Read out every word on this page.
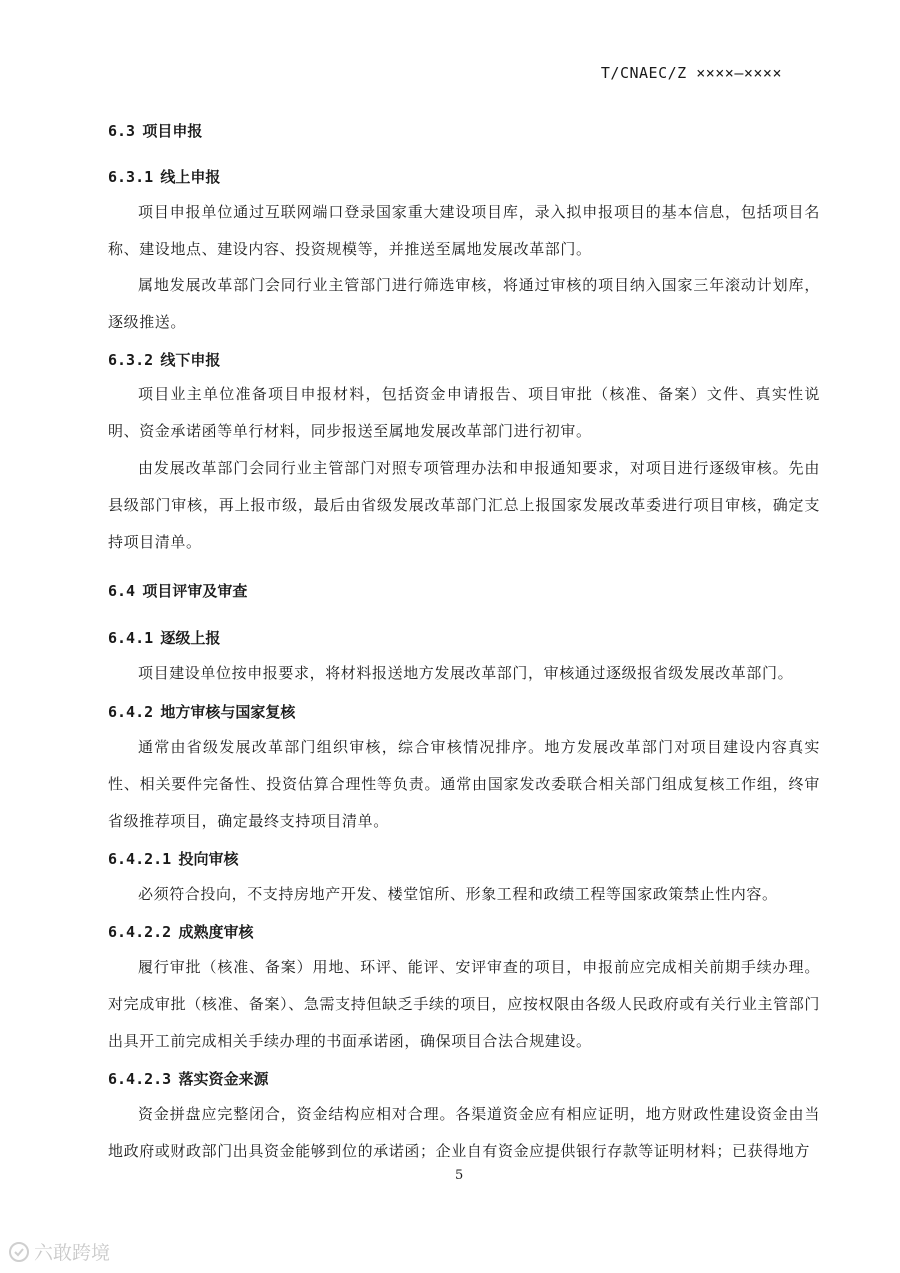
T/CNAEC/Z ××××—××××
6.3 项目申报
6.3.1 线上申报
项目申报单位通过互联网端口登录国家重大建设项目库，录入拟申报项目的基本信息，包括项目名称、建设地点、建设内容、投资规模等，并推送至属地发展改革部门。
属地发展改革部门会同行业主管部门进行筛选审核，将通过审核的项目纳入国家三年滚动计划库，逐级推送。
6.3.2 线下申报
项目业主单位准备项目申报材料，包括资金申请报告、项目审批（核准、备案）文件、真实性说明、资金承诺函等单行材料，同步报送至属地发展改革部门进行初审。
由发展改革部门会同行业主管部门对照专项管理办法和申报通知要求，对项目进行逐级审核。先由县级部门审核，再上报市级，最后由省级发展改革部门汇总上报国家发展改革委进行项目审核，确定支持项目清单。
6.4 项目评审及审查
6.4.1 逐级上报
项目建设单位按申报要求，将材料报送地方发展改革部门，审核通过逐级报省级发展改革部门。
6.4.2 地方审核与国家复核
通常由省级发展改革部门组织审核，综合审核情况排序。地方发展改革部门对项目建设内容真实性、相关要件完备性、投资估算合理性等负责。通常由国家发改委联合相关部门组成复核工作组，终审省级推荐项目，确定最终支持项目清单。
6.4.2.1 投向审核
必须符合投向，不支持房地产开发、楼堂馆所、形象工程和政绩工程等国家政策禁止性内容。
6.4.2.2 成熟度审核
履行审批（核准、备案）用地、环评、能评、安评审查的项目，申报前应完成相关前期手续办理。对完成审批（核准、备案）、急需支持但缺乏手续的项目，应按权限由各级人民政府或有关行业主管部门出具开工前完成相关手续办理的书面承诺函，确保项目合法合规建设。
6.4.2.3 落实资金来源
资金拼盘应完整闭合，资金结构应相对合理。各渠道资金应有相应证明，地方财政性建设资金由当地政府或财政部门出具资金能够到位的承诺函；企业自有资金应提供银行存款等证明材料；已获得地方
5
六敢跨境
